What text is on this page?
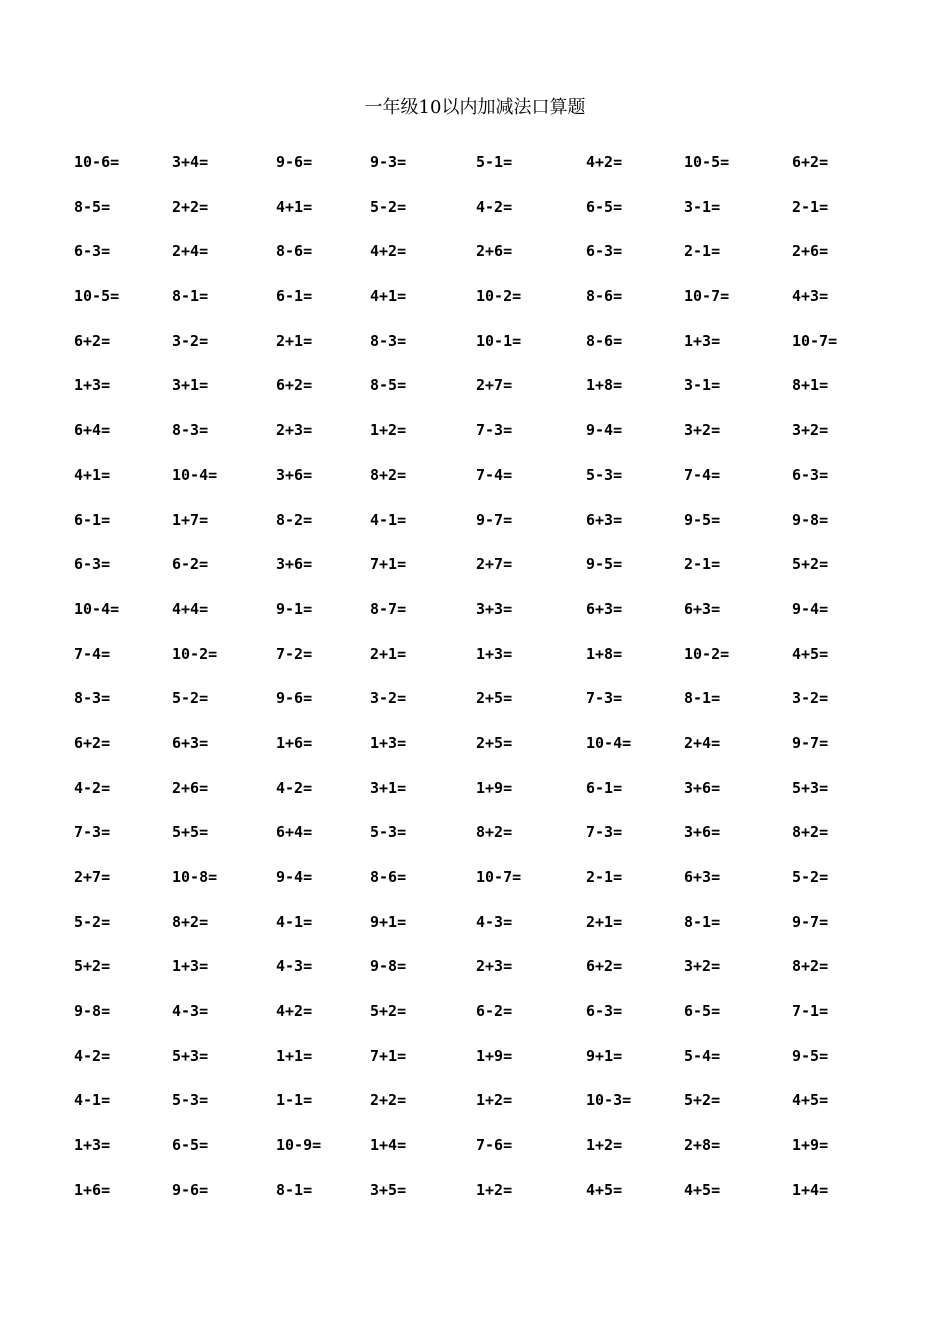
一年级10以内加减法口算题
10-6=	3+4=	9-6=	9-3=	5-1=	4+2=	10-5=	6+2=
8-5=	2+2=	4+1=	5-2=	4-2=	6-5=	3-1=	2-1=
6-3=	2+4=	8-6=	4+2=	2+6=	6-3=	2-1=	2+6=
10-5=	8-1=	6-1=	4+1=	10-2=	8-6=	10-7=	4+3=
6+2=	3-2=	2+1=	8-3=	10-1=	8-6=	1+3=	10-7=
1+3=	3+1=	6+2=	8-5=	2+7=	1+8=	3-1=	8+1=
6+4=	8-3=	2+3=	1+2=	7-3=	9-4=	3+2=	3+2=
4+1=	10-4=	3+6=	8+2=	7-4=	5-3=	7-4=	6-3=
6-1=	1+7=	8-2=	4-1=	9-7=	6+3=	9-5=	9-8=
6-3=	6-2=	3+6=	7+1=	2+7=	9-5=	2-1=	5+2=
10-4=	4+4=	9-1=	8-7=	3+3=	6+3=	6+3=	9-4=
7-4=	10-2=	7-2=	2+1=	1+3=	1+8=	10-2=	4+5=
8-3=	5-2=	9-6=	3-2=	2+5=	7-3=	8-1=	3-2=
6+2=	6+3=	1+6=	1+3=	2+5=	10-4=	2+4=	9-7=
4-2=	2+6=	4-2=	3+1=	1+9=	6-1=	3+6=	5+3=
7-3=	5+5=	6+4=	5-3=	8+2=	7-3=	3+6=	8+2=
2+7=	10-8=	9-4=	8-6=	10-7=	2-1=	6+3=	5-2=
5-2=	8+2=	4-1=	9+1=	4-3=	2+1=	8-1=	9-7=
5+2=	1+3=	4-3=	9-8=	2+3=	6+2=	3+2=	8+2=
9-8=	4-3=	4+2=	5+2=	6-2=	6-3=	6-5=	7-1=
4-2=	5+3=	1+1=	7+1=	1+9=	9+1=	5-4=	9-5=
4-1=	5-3=	1-1=	2+2=	1+2=	10-3=	5+2=	4+5=
1+3=	6-5=	10-9=	1+4=	7-6=	1+2=	2+8=	1+9=
1+6=	9-6=	8-1=	3+5=	1+2=	4+5=	4+5=	1+4=
